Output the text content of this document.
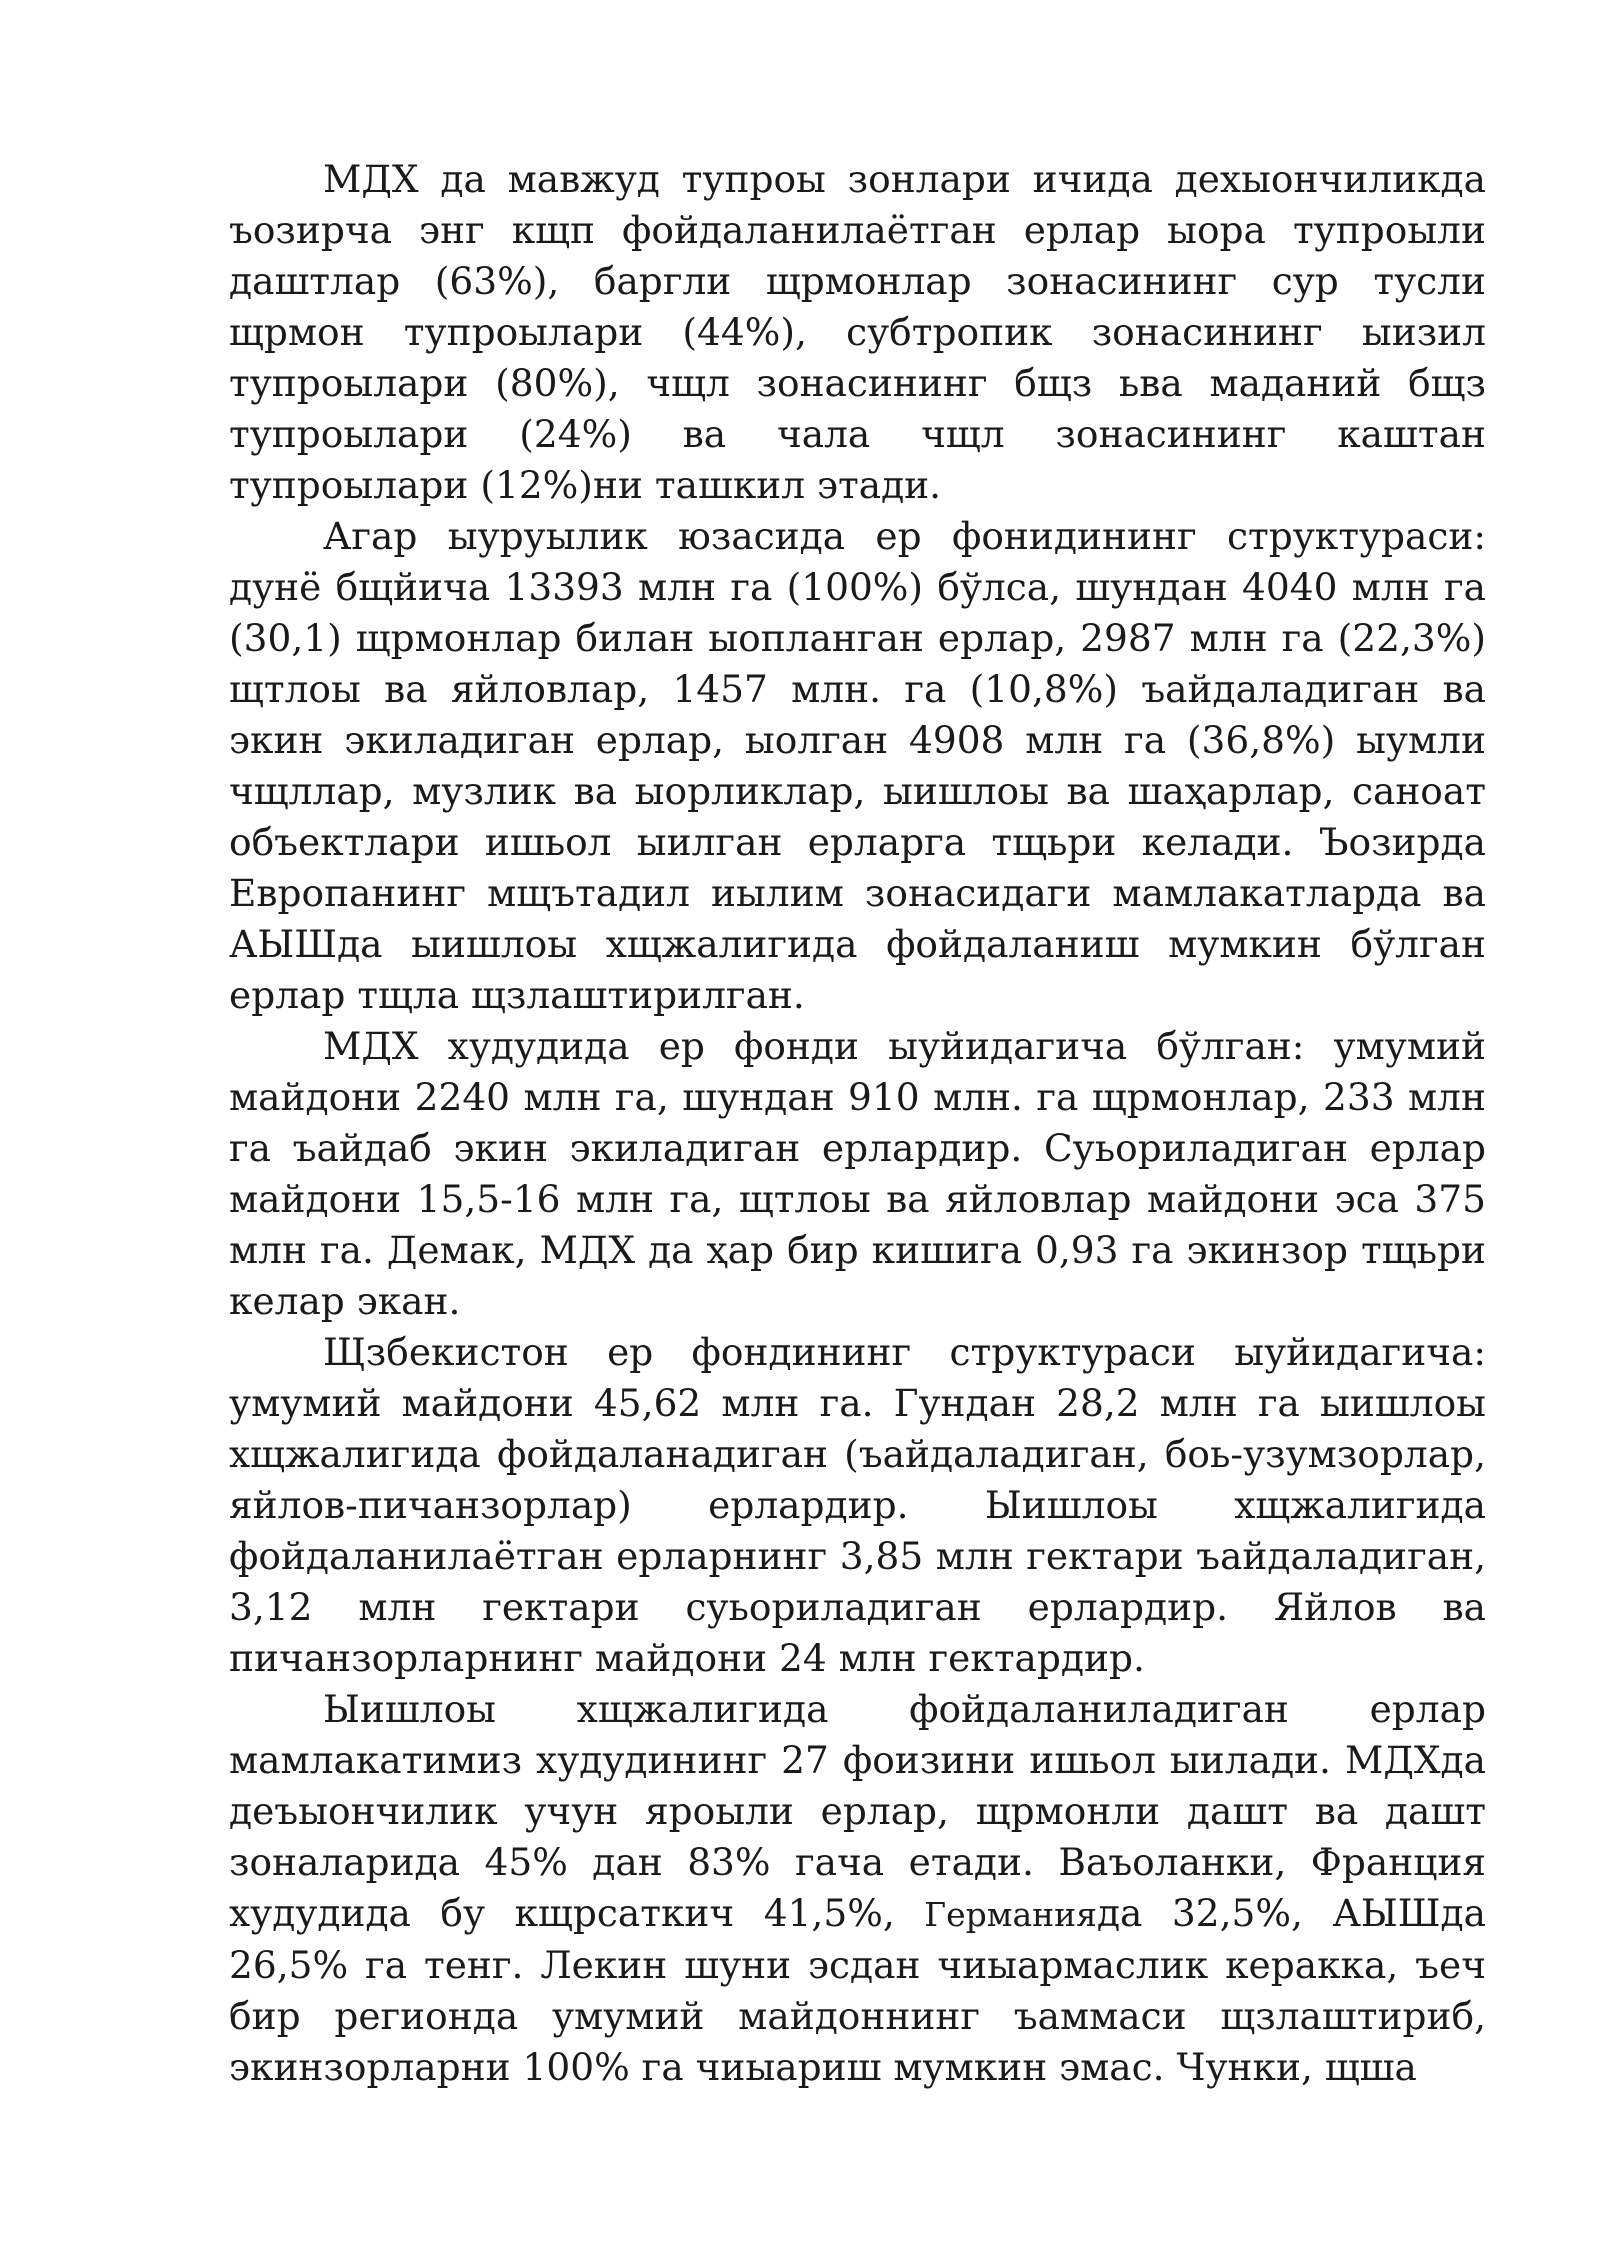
МДХ да мавжуд тупроы зонлари ичида дехыончиликда ъозирча энг кщп фойдаланилаётган ерлар ыора тупроыли даштлар (63%), баргли щрмонлар зонасининг сур тусли щрмон тупроылари (44%), субтропик зонасининг ыизил тупроылари (80%), чщл зонасининг бщз ьва маданий бщз тупроылари (24%) ва чала чщл зонасининг каштан тупроылари (12%)ни ташкил этади.

Агар ыуруылик юзасида ер фонидининг структураси: дунё бщйича 13393 млн га (100%) бўлса, шундан 4040 млн га (30,1) щрмонлар билан ыопланган ерлар, 2987 млн га (22,3%) щтлоы ва яйловлар, 1457 млн. га (10,8%) ъайдаладиган ва экин экиладиган ерлар, ыолган 4908 млн га (36,8%) ыумли чщллар, музлик ва ыорликлар, ыишлоы ва шаҳарлар, саноат объектлари ишьол ыилган ерларга тщьри келади. Ъозирда Европанинг мщътадил иылим зонасидаги мамлакатларда ва АЫШда ыишлоы хщжалигида фойдаланиш мумкин бўлган ерлар тщла щзлаштирилган.

МДХ худудида ер фонди ыуйидагича бўлган: умумий майдони 2240 млн га, шундан 910 млн. га щрмонлар, 233 млн га ъайдаб экин экиладиган ерлардир. Суьориладиган ерлар майдони 15,5-16 млн га, щтлоы ва яйловлар майдони эса 375 млн га. Демак, МДХ да ҳар бир кишига 0,93 га экинзор тщьри келар экан.

Щзбекистон ер фондининг структураси ыуйидагича: умумий майдони 45,62 млн га. Гундан 28,2 млн га ыишлоы хщжалигида фойдаланадиган (ъайдаладиган, боь-узумзорлар, яйлов-пичанзорлар) ерлардир. Ыишлоы хщжалигида фойдаланилаётган ерларнинг 3,85 млн гектари ъайдаладиган, 3,12 млн гектари суьориладиган ерлардир. Яйлов ва пичанзорларнинг майдони 24 млн гектардир.

Ыишлоы хщжалигида фойдаланиладиган ерлар мамлакатимиз худудининг 27 фоизини ишьол ыилади. МДХда деъыончилик учун яроыли ерлар, щрмонли дашт ва дашт зоналарида 45% дан 83% гача етади. Ваъоланки, Франция худудида бу кщрсаткич 41,5%, Германияда 32,5%, АЫШда 26,5% га тенг. Лекин шуни эсдан чиыармаслик керакка, ъеч бир регионда умумий майдоннинг ъаммаси щзлаштириб, экинзорларни 100% га чиыариш мумкин эмас. Чунки, щша
